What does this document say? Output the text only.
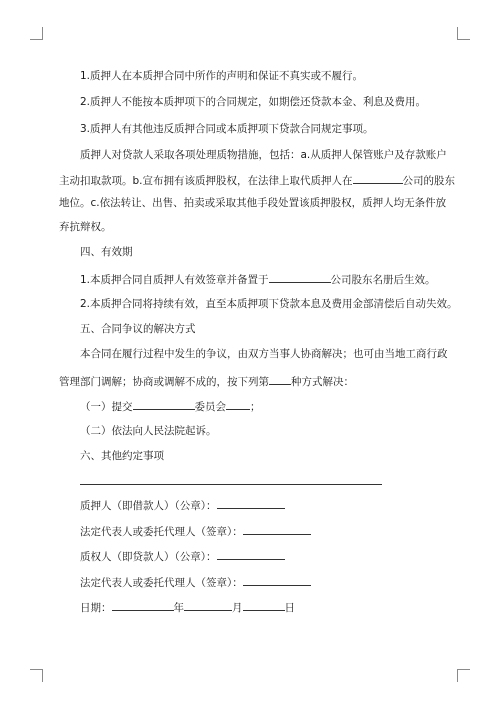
1.质押人在本质押合同中所作的声明和保证不真实或不履行。
2.质押人不能按本质押项下的合同规定，如期偿还贷款本金、利息及费用。
3.质押人有其他违反质押合同或本质押项下贷款合同规定事项。
质押人对贷款人采取各项处理质物措施，包括：a.从质押人保管账户及存款账户
主动扣取款项。b.宣布拥有该质押股权，在法律上取代质押人在	公司的股东
地位。c.依法转让、出售、拍卖或采取其他手段处置该质押股权，质押人均无条件放
弃抗辩权。
四、有效期
1.本质押合同自质押人有效签章并备置于	公司股东名册后生效。
2.本质押合同将持续有效，直至本质押项下贷款本息及费用金部清偿后自动失效。
五、合同争议的解决方式
本合同在履行过程中发生的争议，由双方当事人协商解决；也可由当地工商行政
管理部门调解；协商或调解不成的，按下列第 种方式解决：
（一）提交	委员会 ；
（二）依法向人民法院起诉。
六、其他约定事项
质押人（即借款人）（公章）：
法定代表人或委托代理人（签章）：
质权人（即贷款人）（公章）：
法定代表人或委托代理人（签章）：
日期：	年	月	日
